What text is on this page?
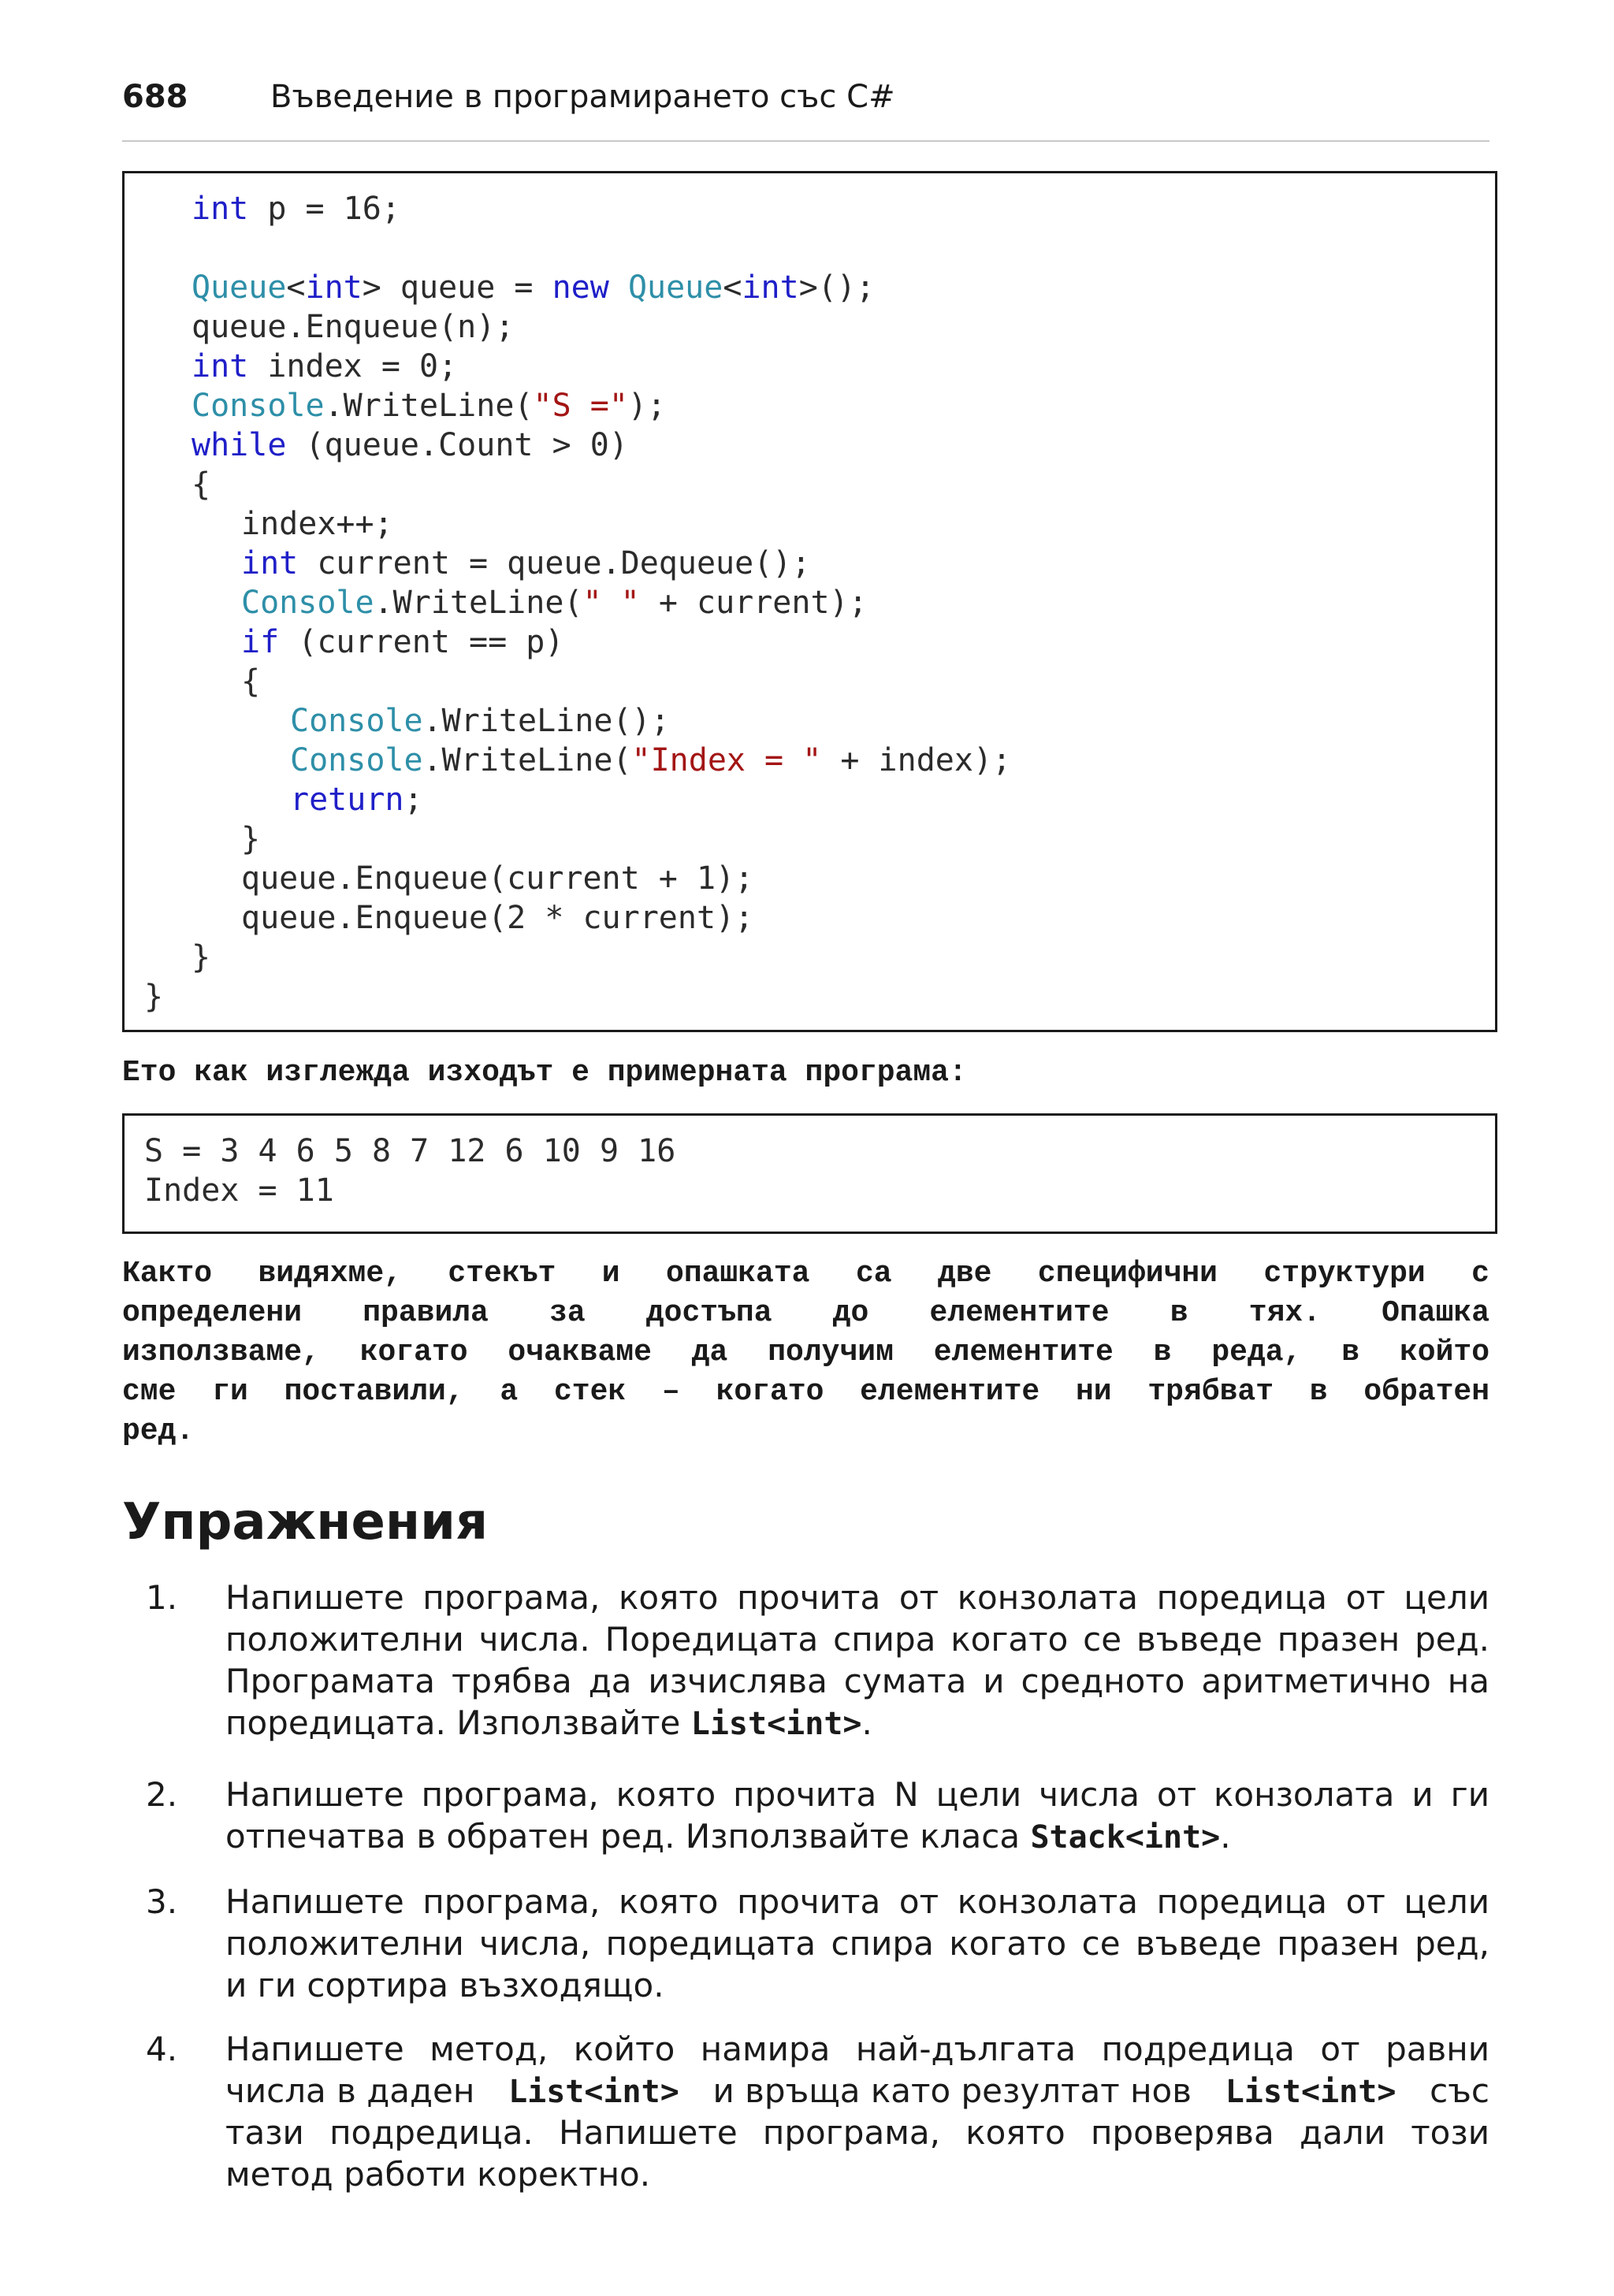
688	Въведение в програмирането със C#
int p = 16;
Queue<int> queue = new Queue<int>();
queue.Enqueue(n);
int index = 0;
Console.WriteLine("S =");
while (queue.Count > 0)
{
index++;
int current = queue.Dequeue();
Console.WriteLine(" " + current);
if (current == p)
{
Console.WriteLine();
Console.WriteLine("Index = " + index);
return;
}
queue.Enqueue(current + 1);
queue.Enqueue(2 * current);
}
}
Ето как изглежда изходът е примерната програма:
S = 3 4 6 5 8 7 12 6 10 9 16
Index = 11
Както видяхме, стекът и опашката са две специфични структури с
определени правила за достъпа до елементите в тях. Опашка
използваме, когато очакваме да получим елементите в реда, в който
сме ги поставили, а стек – когато елементите ни трябват в обратен
ред.
Упражнения
1. Напишете програма, която прочита от конзолата поредица от цели
положителни числа. Поредицата спира когато се въведе празен ред.
Програмата трябва да изчислява сумата и средното аритметично на
поредицата. Използвайте List<int>.
2. Напишете програма, която прочита N цели числа от конзолата и ги
отпечатва в обратен ред. Използвайте класа Stack<int>.
3. Напишете програма, която прочита от конзолата поредица от цели
положителни числа, поредицата спира когато се въведе празен ред,
и ги сортира възходящо.
4. Напишете метод, който намира най-дългата подредица от равни
числа в даден List<int> и връща като резултат нов List<int> със
тази подредица. Напишете програма, която проверява дали този
метод работи коректно.
